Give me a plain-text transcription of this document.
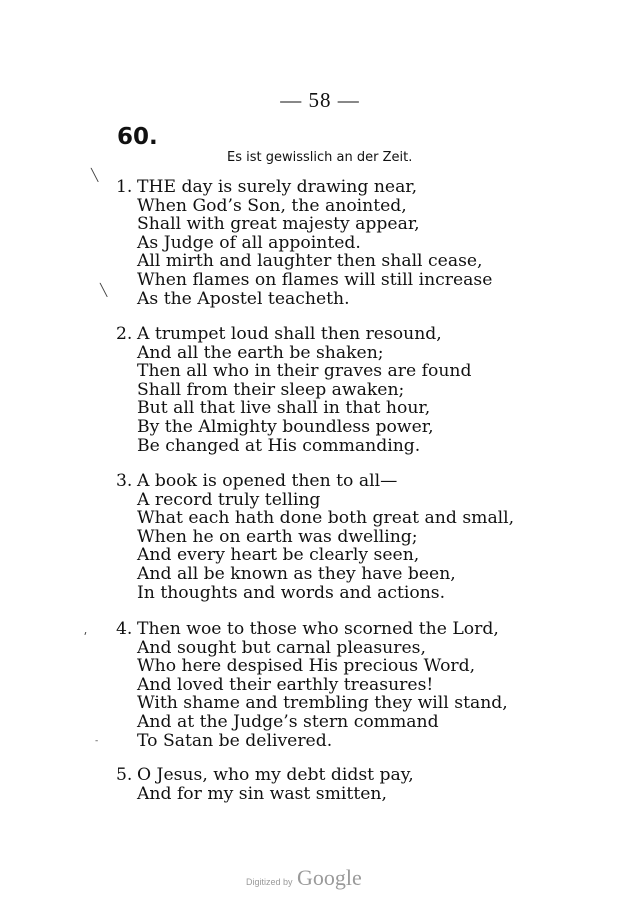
— 58 —
60.
Es ist gewisslich an der Zeit.
1. THE day is surely drawing near,
When God’s Son, the anointed,
Shall with great majesty appear,
As Judge of all appointed.
All mirth and laughter then shall cease,
When flames on flames will still increase
As the Apostel teacheth.
2. A trumpet loud shall then resound,
And all the earth be shaken;
Then all who in their graves are found
Shall from their sleep awaken;
But all that live shall in that hour,
By the Almighty boundless power,
Be changed at His commanding.
3. A book is opened then to all—
A record truly telling
What each hath done both great and small,
When he on earth was dwelling;
And every heart be clearly seen,
And all be known as they have been,
In thoughts and words and actions.
4. Then woe to those who scorned the Lord,
And sought but carnal pleasures,
Who here despised His precious Word,
And loved their earthly treasures!
With shame and trembling they will stand,
And at the Judge’s stern command
To Satan be delivered.
5. O Jesus, who my debt didst pay,
And for my sin wast smitten,
╲
╲
⸴
‐
Digitized by Google
